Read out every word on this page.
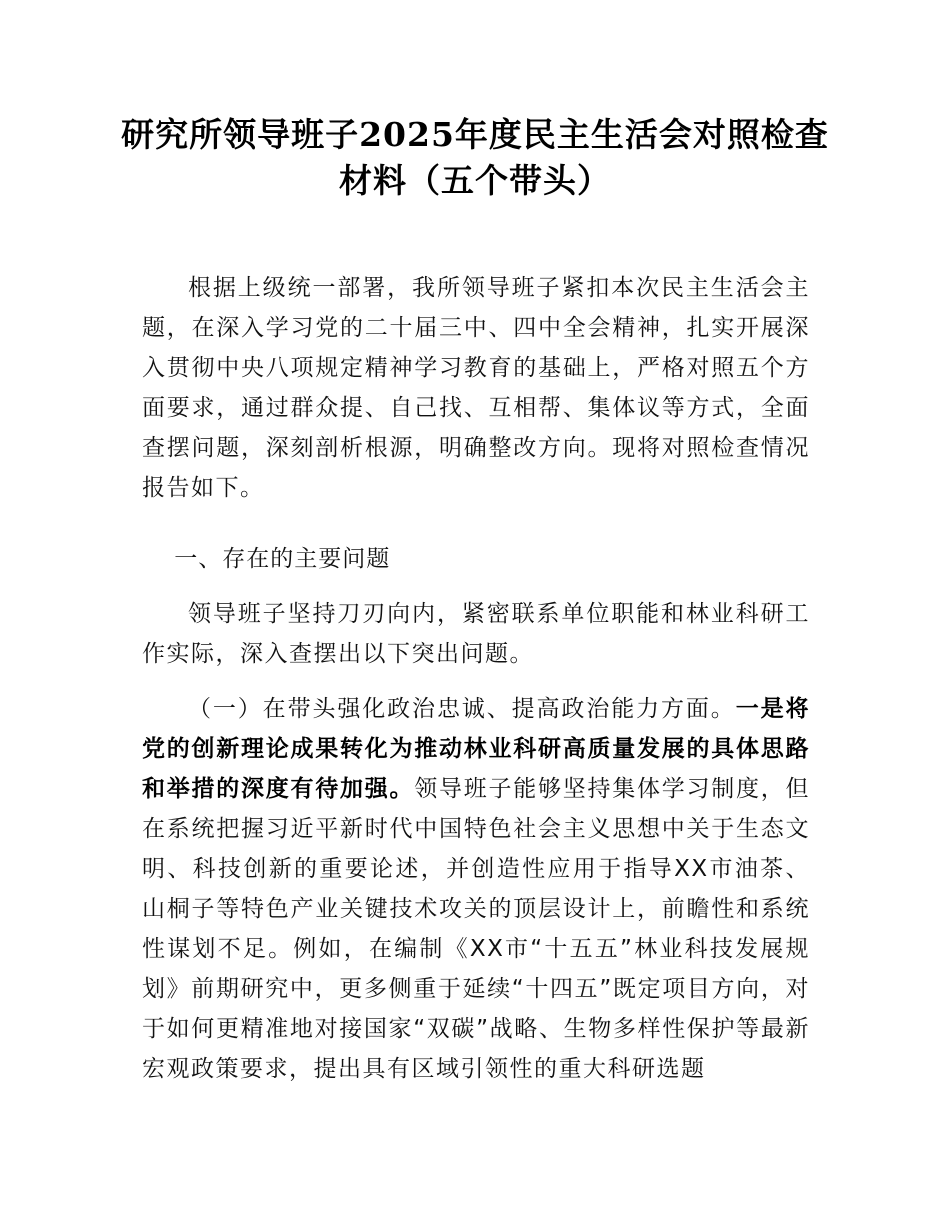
研究所领导班子2025年度民主生活会对照检查材料（五个带头）

根据上级统一部署，我所领导班子紧扣本次民主生活会主题，在深入学习党的二十届三中、四中全会精神，扎实开展深入贯彻中央八项规定精神学习教育的基础上，严格对照五个方面要求，通过群众提、自己找、互相帮、集体议等方式，全面查摆问题，深刻剖析根源，明确整改方向。现将对照检查情况报告如下。

一、存在的主要问题

领导班子坚持刀刃向内，紧密联系单位职能和林业科研工作实际，深入查摆出以下突出问题。

（一）在带头强化政治忠诚、提高政治能力方面。一是将党的创新理论成果转化为推动林业科研高质量发展的具体思路和举措的深度有待加强。领导班子能够坚持集体学习制度，但在系统把握习近平新时代中国特色社会主义思想中关于生态文明、科技创新的重要论述，并创造性应用于指导XX市油茶、山桐子等特色产业关键技术攻关的顶层设计上，前瞻性和系统性谋划不足。例如，在编制《XX市“十五五”林业科技发展规划》前期研究中，更多侧重于延续“十四五”既定项目方向，对于如何更精准地对接国家“双碳”战略、生物多样性保护等最新宏观政策要求，提出具有区域引领性的重大科研选题
